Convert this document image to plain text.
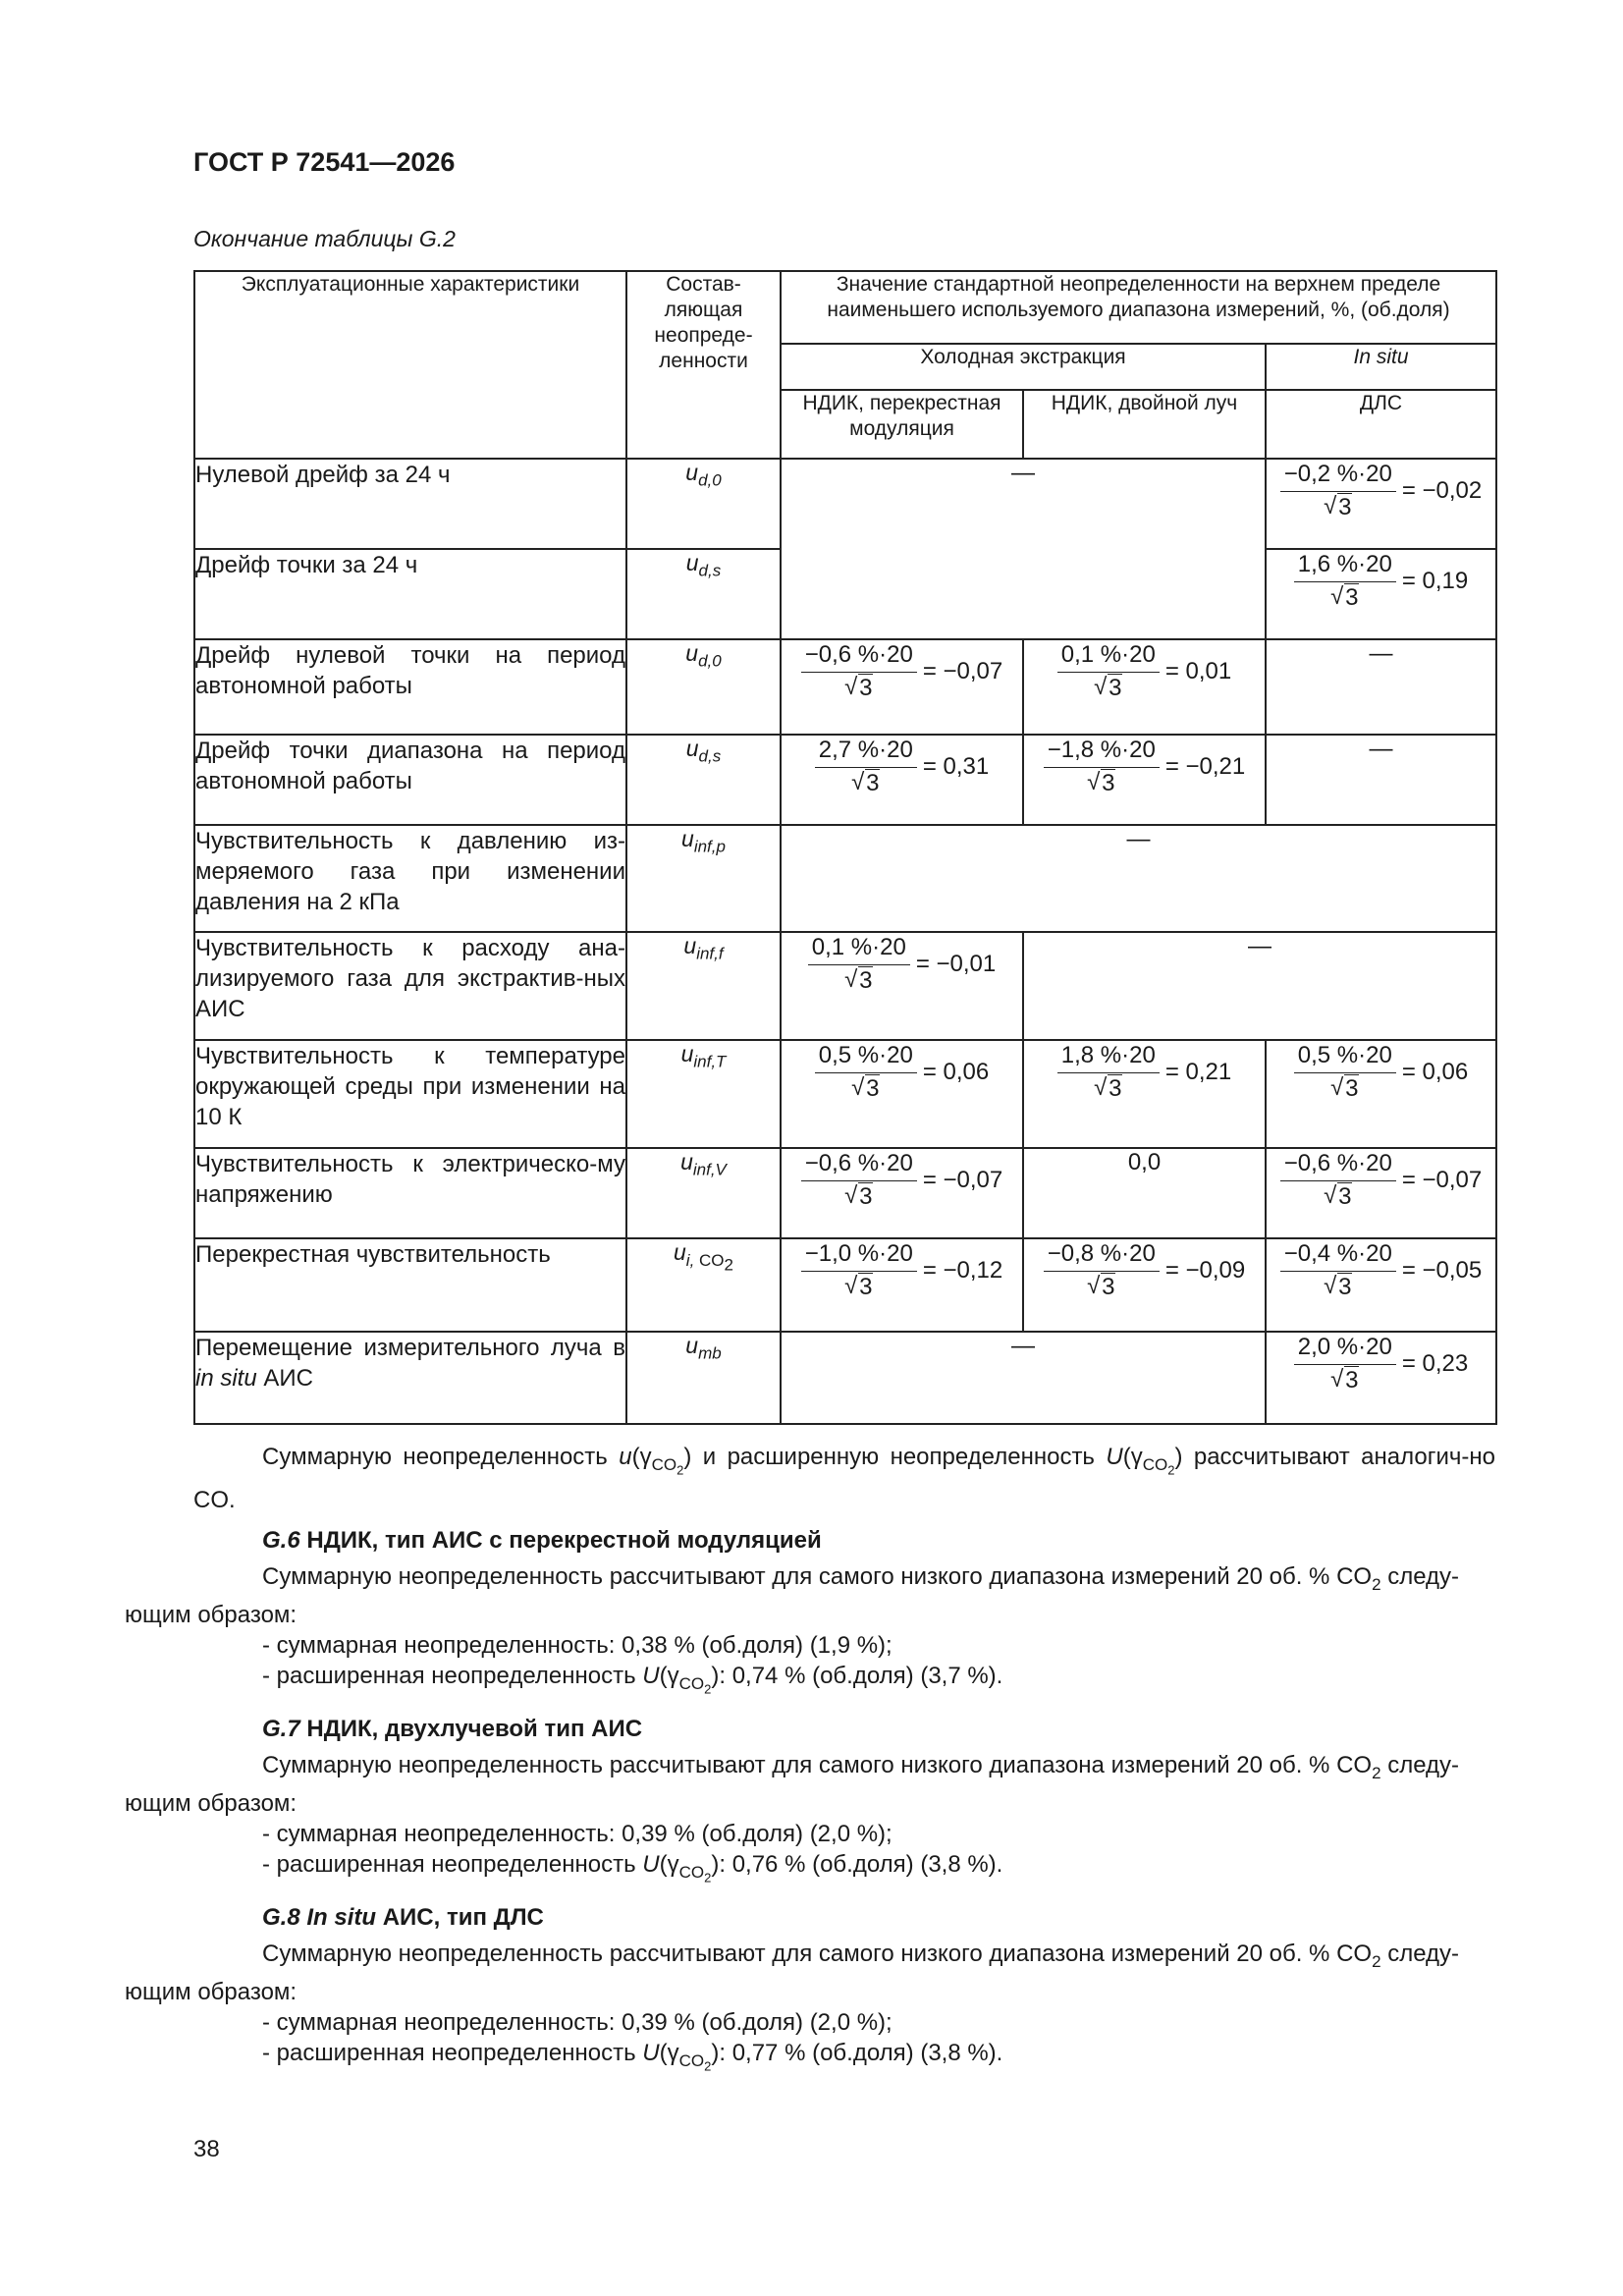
ГОСТ Р 72541—2026
Окончание таблицы G.2
Эксплуатационные характеристики	Состав-ляющая неопреде-ленности	Значение стандартной неопределенности на верхнем пределе наименьшего используемого диапазона измерений, %, (об.доля)		
		Холодная экстракция		In situ
		НДИК, перекрестная модуляция	НДИК, двойной луч	ДЛС
Нулевой дрейф за 24 ч	$u_{d,0}$	—		$\frac{-0,2 \%\cdot 20}{√ 3} = -0,02$
Дрейф точки за 24 ч	$u_{d,s}$			$\frac{1,6 \%\cdot 20}{√ 3} = 0,19$
Дрейф нулевой точки на период автономной работы	$u_{d,0}$	$\frac{-0,6 \%\cdot 20}{√ 3} = -0,07$	$\frac{0,1 \%\cdot 20}{√ 3} = 0,01$	—
Дрейф точки диапазона на период автономной работы	$u_{d,s}$	$\frac{2,7 \%\cdot 20}{√ 3} = 0,31$	$\frac{-1,8 \%\cdot 20}{√ 3} = -0,21$	—
Чувствительность к давлению из-меряемого газа при изменении давления на 2 кПа	$u_{inf,p}$	—		
Чувствительность к расходу ана-лизируемого газа для экстрактив-ных АИС	$u_{inf,f}$	$\frac{0,1 \%\cdot 20}{√ 3} = -0,01$	—	
Чувствительность к температуре окружающей среды при изменении на 10 К	$u_{inf,T}$	$\frac{0,5 \%\cdot 20}{√ 3} = 0,06$	$\frac{1,8 \%\cdot 20}{√ 3} = 0,21$	$\frac{0,5 \%\cdot 20}{√ 3} = 0,06$
Чувствительность к электрическо-му напряжению	$u_{inf,V}$	$\frac{-0,6 \%\cdot 20}{√ 3} = -0,07$	0,0	$\frac{-0,6 \%\cdot 20}{√ 3} = -0,07$
Перекрестная чувствительность	$u_{i, CO_2}$	$\frac{-1,0 \%\cdot 20}{√ 3} = -0,12$	$\frac{-0,8 \%\cdot 20}{√ 3} = -0,09$	$\frac{-0,4 \%\cdot 20}{√ 3} = -0,05$
Перемещение измерительного луча в in situ АИС	$u_{mb}$	—		$\frac{2,0 \%\cdot 20}{√ 3} = 0,23$

Суммарную неопределенность $u(\gamma_{CO_2})$ и расширенную неопределенность $U(\gamma_{CO_2})$ рассчитывают аналогич-но CO.

G.6 НДИК, тип АИС с перекрестной модуляцией

Суммарную неопределенность рассчитывают для самого низкого диапазона измерений 20 об. % $CO_2$ следу-
ющим образом:

- суммарная неопределенность: 0,38 % (об.доля) (1,9 %);

- расширенная неопределенность $U(\gamma_{CO_2})$: 0,74 % (об.доля) (3,7 %).

G.7 НДИК, двухлучевой тип АИС

Суммарную неопределенность рассчитывают для самого низкого диапазона измерений 20 об. % $CO_2$ следу-
ющим образом:

- суммарная неопределенность: 0,39 % (об.доля) (2,0 %);

- расширенная неопределенность $U(\gamma_{CO_2})$: 0,76 % (об.доля) (3,8 %).

G.8 In situ АИС, тип ДЛС

Суммарную неопределенность рассчитывают для самого низкого диапазона измерений 20 об. % $CO_2$ следу-
ющим образом:

- суммарная неопределенность: 0,39 % (об.доля) (2,0 %);

- расширенная неопределенность $U(\gamma_{CO_2})$: 0,77 % (об.доля) (3,8 %).

38
